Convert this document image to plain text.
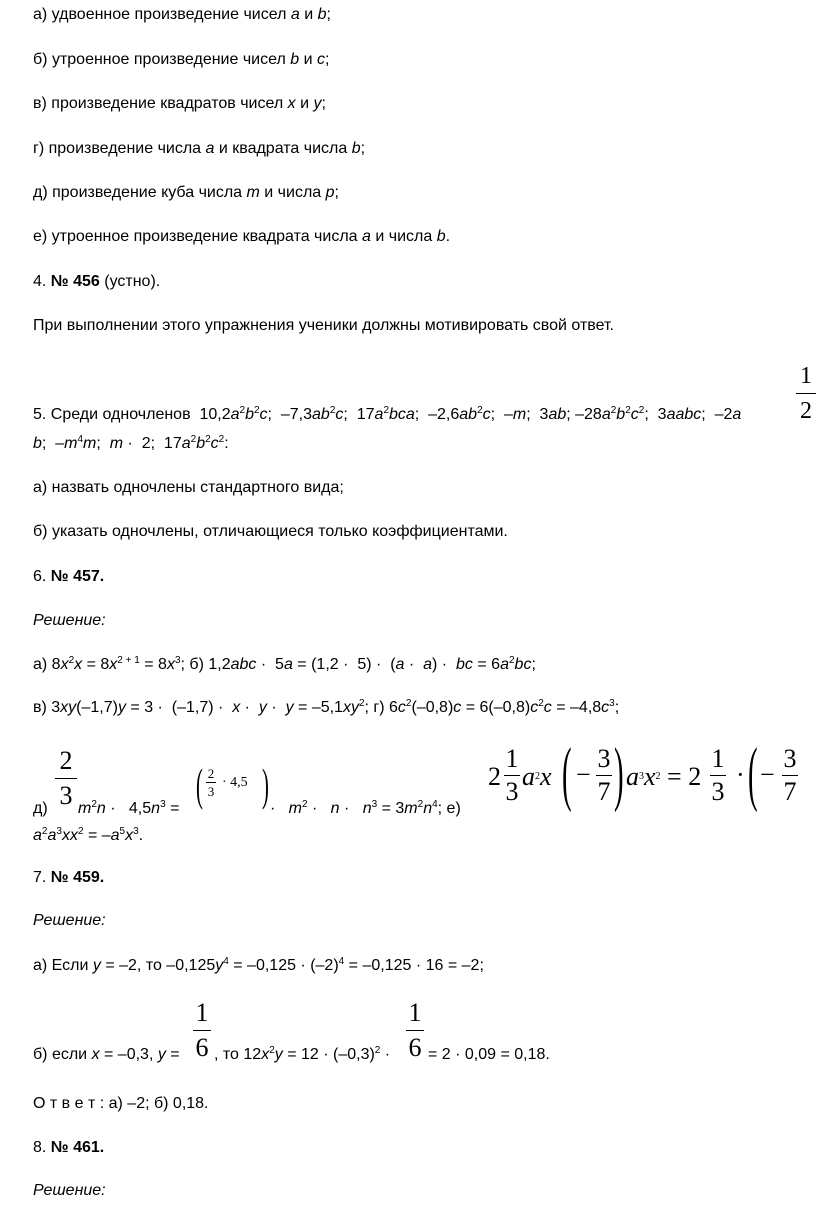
а) удвоенное произведение чисел a и b;
б) утроенное произведение чисел b и c;
в) произведение квадратов чисел x и y;
г) произведение числа a и квадрата числа b;
д) произведение куба числа m и числа p;
е) утроенное произведение квадрата числа a и числа b.
4. № 456 (устно).
При выполнении этого упражнения ученики должны мотивировать свой ответ.
1
2
5. Среди одночленов  $10,2a^2b^2c$;  $-7,3ab^2c$;  $17a^2bca$;  $-2,6ab^2c$;  –m;  3ab; $-28a^2b^2c^2$;  3aabc;  –2a
b;  $-m^4m$;  m ·  2;  $17a^2b^2c^2$:
а) назвать одночлены стандартного вида;
б) указать одночлены, отличающиеся только коэффициентами.
6. № 457.
Решение:
а) $8x^2x = 8x^{2 + 1} = 8x^3$; б) 1,2abc ·  5a = (1,2 ·  5) ·  (a ·  a) ·  bc = $6a^2bc$;
в) $3xy(-1,7)y = 3 \cdot (-1,7) \cdot x \cdot y \cdot y = -5,1xy^2$; г) $6c^2(-0,8)c = 6(-0,8)c^2c = -4,8c^3$;
2
3
д) $m^2n \cdot 4,5n^3$ = ( 2
3
· 4,5 ) ·   $m^2 \cdot n \cdot n^3 = 3m^2n^4$; е)
2
1
3
$a^2x$ ( −
3
7 ) $a^3x^2 = 2$
1
3
· ( −
3
7
$a^2a^3xx^2 = -a^5x^3$.
7. № 459.
Решение:
а) Если y = –2, то $-0,125y^4 = -0,125 \cdot (-2)^4 = -0,125 \cdot 16 = -2$;
1
6
1
6
б) если x = –0,3, y = , то $12x^2y = 12 \cdot (-0,3)^2$ · = 2 · 0,09 = 0,18.
О т в е т : а) –2; б) 0,18.
8. № 461.
Решение:
